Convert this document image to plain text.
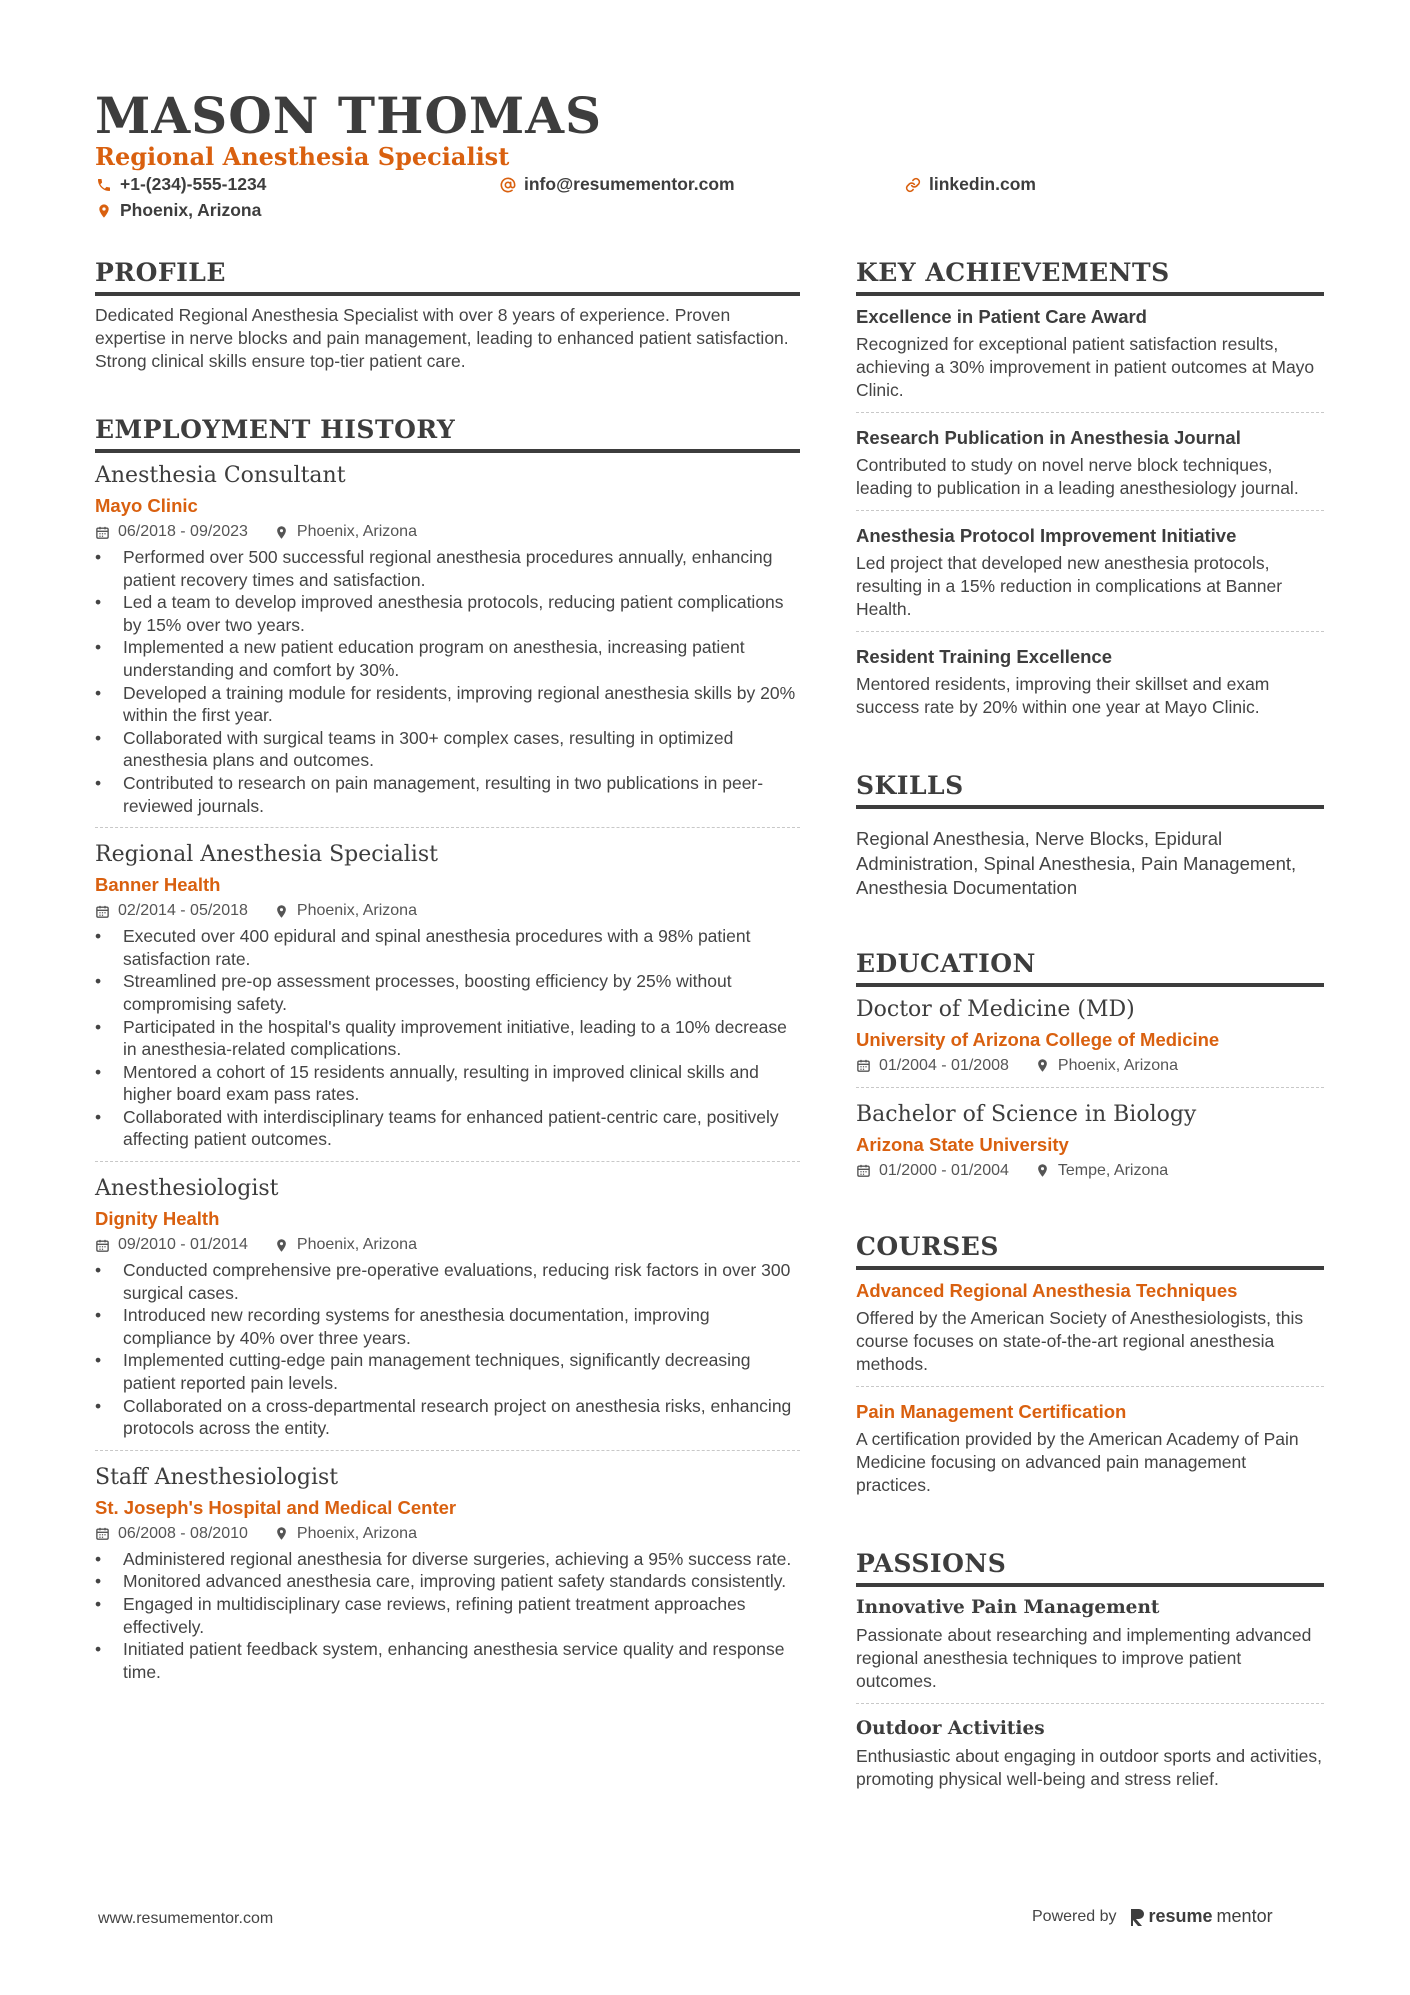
MASON THOMAS
Regional Anesthesia Specialist
+1-(234)-555-1234	info@resumementor.com	linkedin.com
Phoenix, Arizona
PROFILE
Dedicated Regional Anesthesia Specialist with over 8 years of experience. Proven expertise in nerve blocks and pain management, leading to enhanced patient satisfaction. Strong clinical skills ensure top-tier patient care.
EMPLOYMENT HISTORY
Anesthesia Consultant
Mayo Clinic
06/2018 - 09/2023	Phoenix, Arizona
• Performed over 500 successful regional anesthesia procedures annually, enhancing patient recovery times and satisfaction.
• Led a team to develop improved anesthesia protocols, reducing patient complications by 15% over two years.
• Implemented a new patient education program on anesthesia, increasing patient understanding and comfort by 30%.
• Developed a training module for residents, improving regional anesthesia skills by 20% within the first year.
• Collaborated with surgical teams in 300+ complex cases, resulting in optimized anesthesia plans and outcomes.
• Contributed to research on pain management, resulting in two publications in peer-reviewed journals.
Regional Anesthesia Specialist
Banner Health
02/2014 - 05/2018	Phoenix, Arizona
• Executed over 400 epidural and spinal anesthesia procedures with a 98% patient satisfaction rate.
• Streamlined pre-op assessment processes, boosting efficiency by 25% without compromising safety.
• Participated in the hospital's quality improvement initiative, leading to a 10% decrease in anesthesia-related complications.
• Mentored a cohort of 15 residents annually, resulting in improved clinical skills and higher board exam pass rates.
• Collaborated with interdisciplinary teams for enhanced patient-centric care, positively affecting patient outcomes.
Anesthesiologist
Dignity Health
09/2010 - 01/2014	Phoenix, Arizona
• Conducted comprehensive pre-operative evaluations, reducing risk factors in over 300 surgical cases.
• Introduced new recording systems for anesthesia documentation, improving compliance by 40% over three years.
• Implemented cutting-edge pain management techniques, significantly decreasing patient reported pain levels.
• Collaborated on a cross-departmental research project on anesthesia risks, enhancing protocols across the entity.
Staff Anesthesiologist
St. Joseph's Hospital and Medical Center
06/2008 - 08/2010	Phoenix, Arizona
• Administered regional anesthesia for diverse surgeries, achieving a 95% success rate.
• Monitored advanced anesthesia care, improving patient safety standards consistently.
• Engaged in multidisciplinary case reviews, refining patient treatment approaches effectively.
• Initiated patient feedback system, enhancing anesthesia service quality and response time.
KEY ACHIEVEMENTS
Excellence in Patient Care Award
Recognized for exceptional patient satisfaction results, achieving a 30% improvement in patient outcomes at Mayo Clinic.
Research Publication in Anesthesia Journal
Contributed to study on novel nerve block techniques, leading to publication in a leading anesthesiology journal.
Anesthesia Protocol Improvement Initiative
Led project that developed new anesthesia protocols, resulting in a 15% reduction in complications at Banner Health.
Resident Training Excellence
Mentored residents, improving their skillset and exam success rate by 20% within one year at Mayo Clinic.
SKILLS
Regional Anesthesia, Nerve Blocks, Epidural Administration, Spinal Anesthesia, Pain Management, Anesthesia Documentation
EDUCATION
Doctor of Medicine (MD)
University of Arizona College of Medicine
01/2004 - 01/2008	Phoenix, Arizona
Bachelor of Science in Biology
Arizona State University
01/2000 - 01/2004	Tempe, Arizona
COURSES
Advanced Regional Anesthesia Techniques
Offered by the American Society of Anesthesiologists, this course focuses on state-of-the-art regional anesthesia methods.
Pain Management Certification
A certification provided by the American Academy of Pain Medicine focusing on advanced pain management practices.
PASSIONS
Innovative Pain Management
Passionate about researching and implementing advanced regional anesthesia techniques to improve patient outcomes.
Outdoor Activities
Enthusiastic about engaging in outdoor sports and activities, promoting physical well-being and stress relief.
www.resumementor.com	Powered by resume mentor
